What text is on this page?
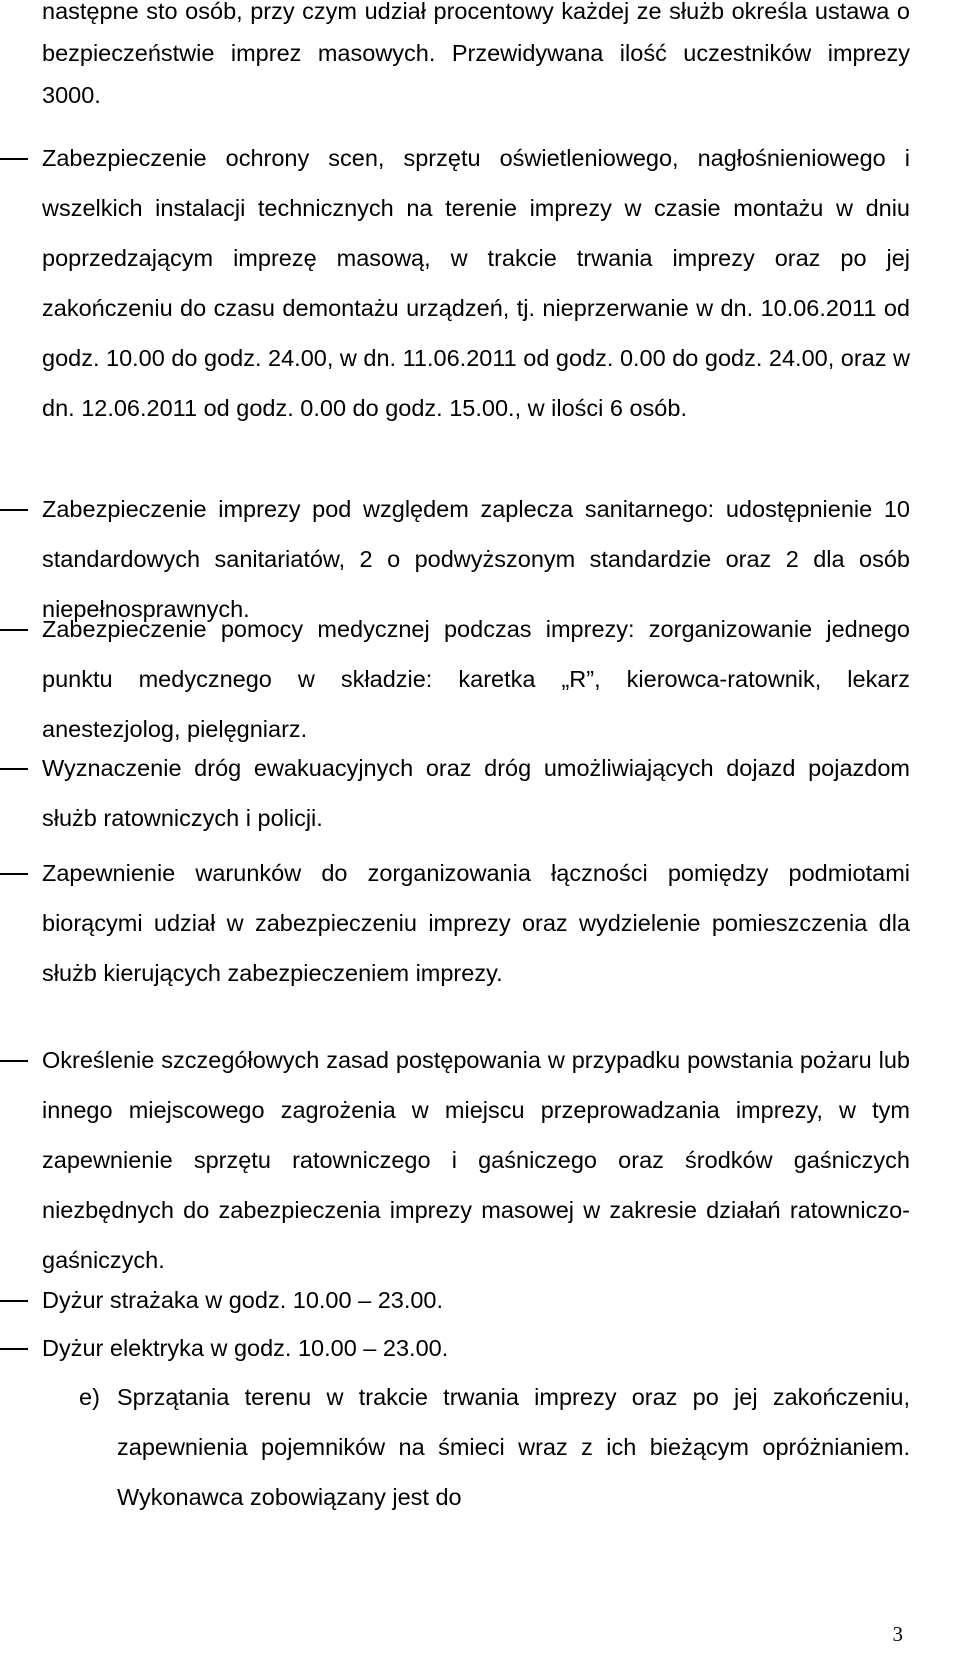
następne sto osób, przy czym udział procentowy każdej ze służb określa ustawa o bezpieczeństwie imprez masowych. Przewidywana ilość uczestników imprezy 3000.

Zabezpieczenie ochrony scen, sprzętu oświetleniowego, nagłośnieniowego i wszelkich instalacji technicznych na terenie imprezy w czasie montażu w dniu poprzedzającym imprezę masową, w trakcie trwania imprezy oraz po jej zakończeniu do czasu demontażu urządzeń, tj. nieprzerwanie w dn. 10.06.2011 od godz. 10.00 do godz. 24.00, w dn. 11.06.2011 od godz. 0.00 do godz. 24.00, oraz w dn. 12.06.2011 od godz. 0.00 do godz. 15.00., w ilości 6 osób.
Zabezpieczenie imprezy pod względem zaplecza sanitarnego: udostępnienie 10 standardowych sanitariatów, 2 o podwyższonym standardzie oraz 2 dla osób niepełnosprawnych.
Zabezpieczenie pomocy medycznej podczas imprezy: zorganizowanie jednego punktu medycznego w składzie: karetka „R”, kierowca-ratownik, lekarz anestezjolog, pielęgniarz.
Wyznaczenie dróg ewakuacyjnych oraz dróg umożliwiających dojazd pojazdom służb ratowniczych i policji.
Zapewnienie warunków do zorganizowania łączności pomiędzy podmiotami biorącymi udział w zabezpieczeniu imprezy oraz wydzielenie pomieszczenia dla służb kierujących zabezpieczeniem imprezy.
Określenie szczegółowych zasad postępowania w przypadku powstania pożaru lub innego miejscowego zagrożenia w miejscu przeprowadzania imprezy, w tym zapewnienie sprzętu ratowniczego i gaśniczego oraz środków gaśniczych niezbędnych do zabezpieczenia imprezy masowej w zakresie działań ratowniczo-gaśniczych.
Dyżur strażaka w godz. 10.00 – 23.00.
Dyżur elektryka w godz. 10.00 – 23.00.
e) Sprzątania terenu w trakcie trwania imprezy oraz po jej zakończeniu, zapewnienia pojemników na śmieci wraz z ich bieżącym opróżnianiem. Wykonawca zobowiązany jest do
3
